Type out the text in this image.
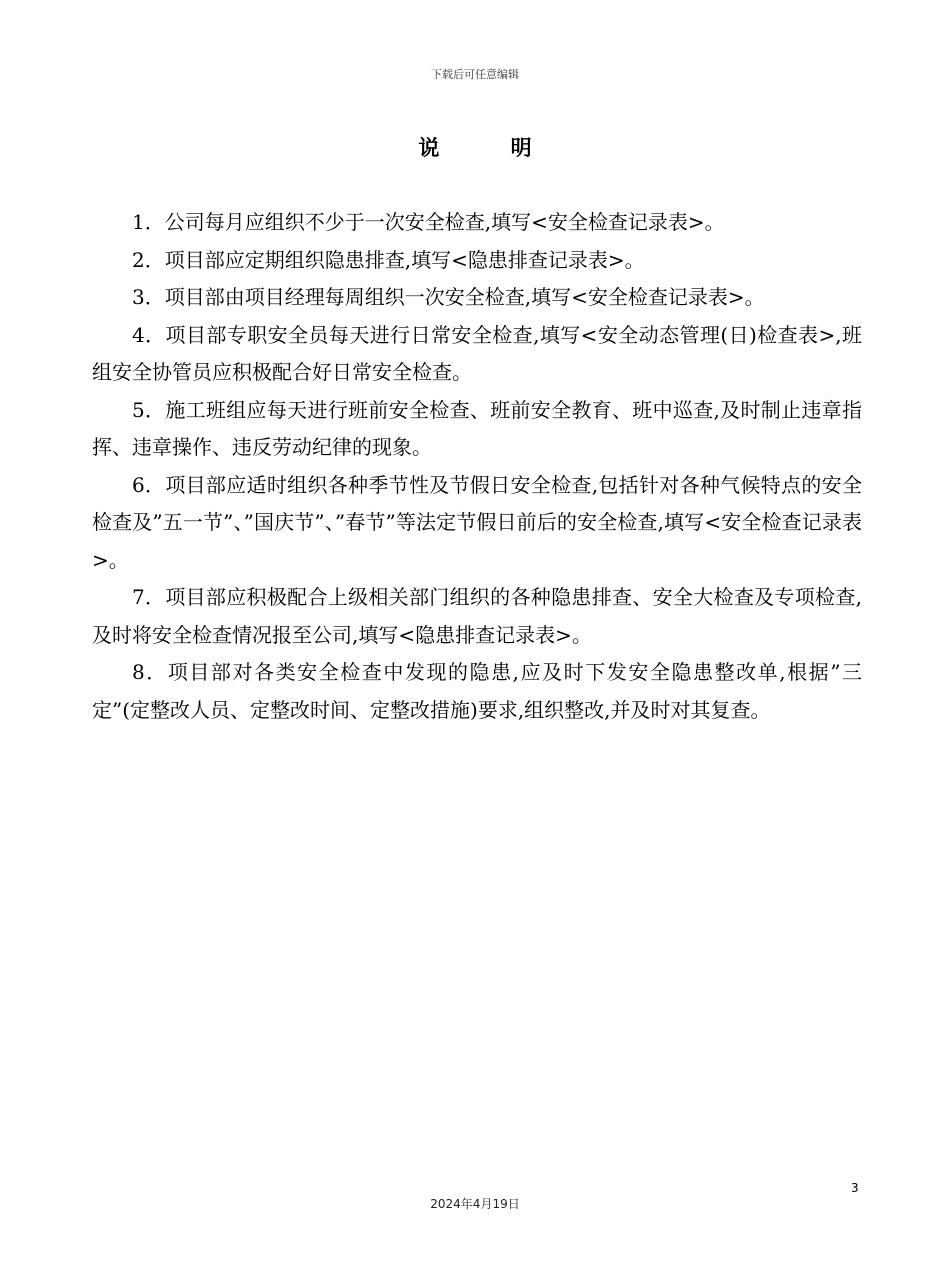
下载后可任意编辑
说 明

1．公司每月应组织不少于一次安全检查,填写<安全检查记录表>。

2．项目部应定期组织隐患排查,填写<隐患排查记录表>。

3．项目部由项目经理每周组织一次安全检查,填写<安全检查记录表>。

4．项目部专职安全员每天进行日常安全检查,填写<安全动态管理(日)检查表>,班组安全协管员应积极配合好日常安全检查。

5．施工班组应每天进行班前安全检查、班前安全教育、班中巡查,及时制止违章指挥、违章操作、违反劳动纪律的现象。

6．项目部应适时组织各种季节性及节假日安全检查,包括针对各种气候特点的安全检查及”五一节”、”国庆节”、”春节”等法定节假日前后的安全检查,填写<安全检查记录表>。

7．项目部应积极配合上级相关部门组织的各种隐患排查、安全大检查及专项检查,及时将安全检查情况报至公司,填写<隐患排查记录表>。

8．项目部对各类安全检查中发现的隐患,应及时下发安全隐患整改单,根据”三定”(定整改人员、定整改时间、定整改措施)要求,组织整改,并及时对其复查。

3
2024年4月19日
